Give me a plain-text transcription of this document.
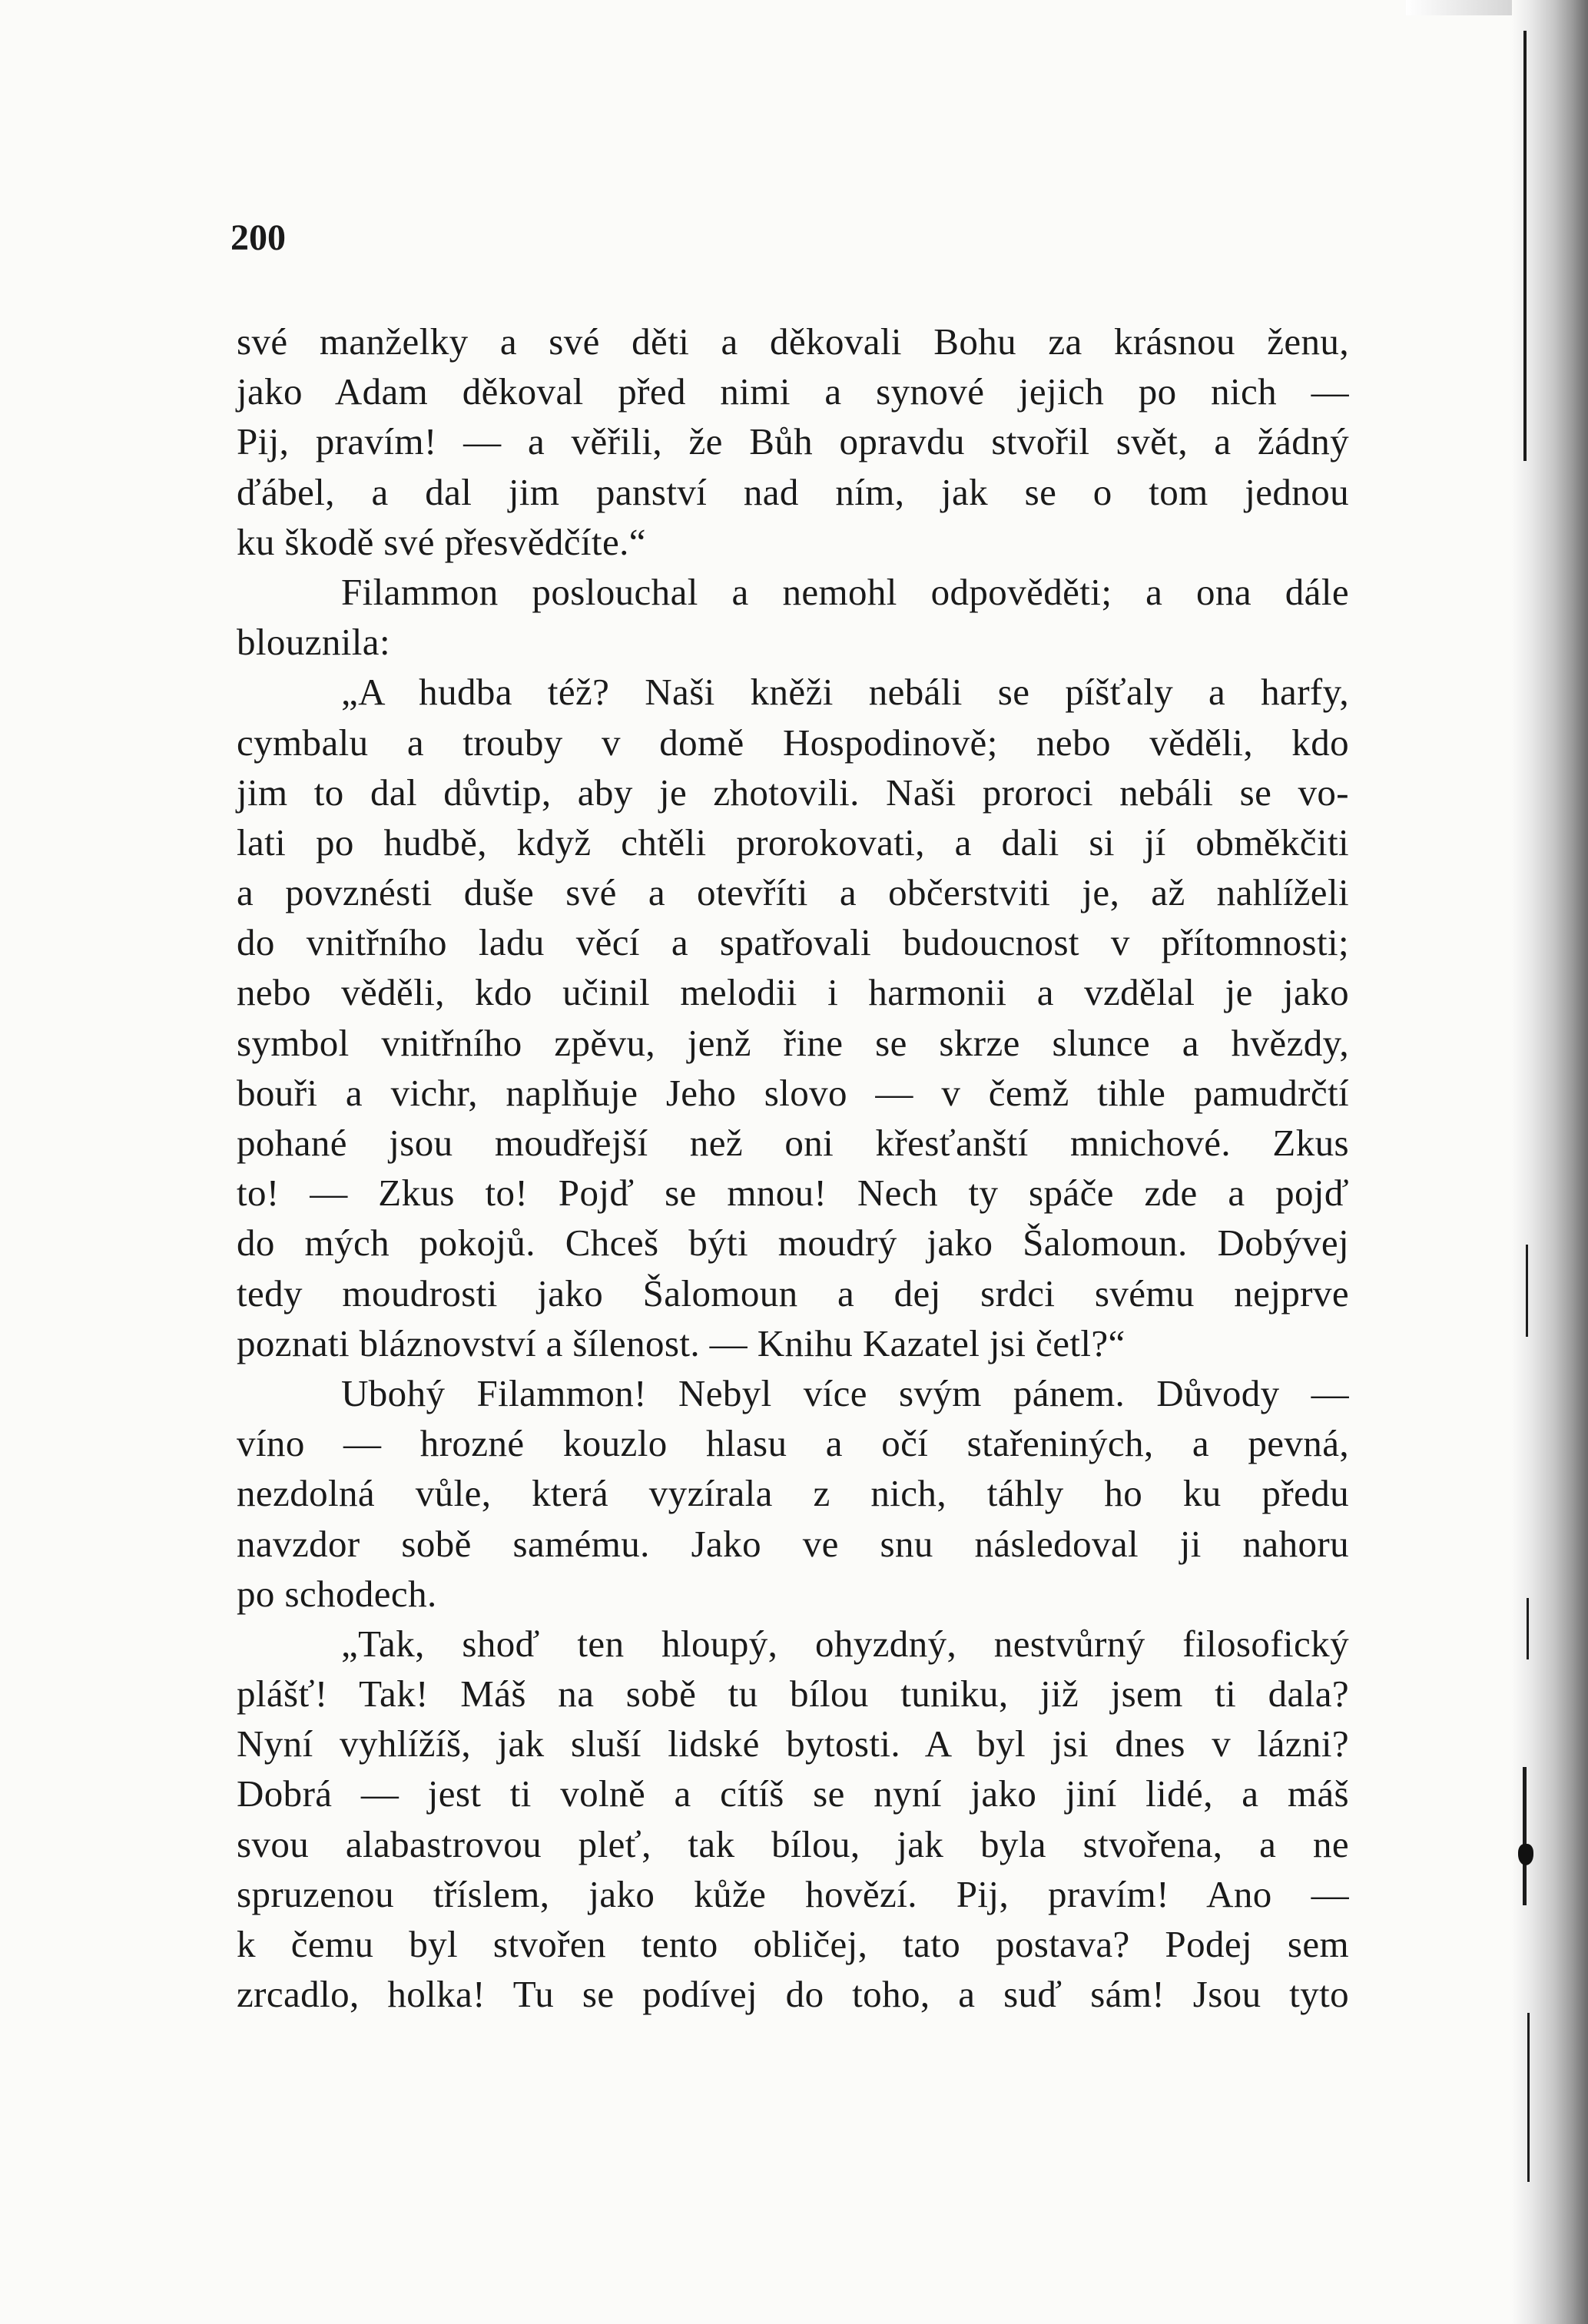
200

své manželky a své děti a děkovali Bohu za krásnou ženu,
jako Adam děkoval před nimi a synové jejich po nich —
Pij, pravím! — a věřili, že Bůh opravdu stvořil svět, a žádný
ďábel, a dal jim panství nad ním, jak se o tom jednou
ku škodě své přesvědčíte.“
Filammon poslouchal a nemohl odpověděti; a ona dále
blouznila:
„A hudba též? Naši kněži nebáli se píšťaly a harfy,
cymbalu a trouby v domě Hospodinově; nebo věděli, kdo
jim to dal důvtip, aby je zhotovili. Naši proroci nebáli se vo-
lati po hudbě, když chtěli prorokovati, a dali si jí obměkčiti
a povznésti duše své a otevříti a občerstviti je, až nahlíželi
do vnitřního ladu věcí a spatřovali budoucnost v přítomnosti;
nebo věděli, kdo učinil melodii i harmonii a vzdělal je jako
symbol vnitřního zpěvu, jenž řine se skrze slunce a hvězdy,
bouři a vichr, naplňuje Jeho slovo — v čemž tihle pamudrčtí
pohané jsou moudřejší než oni křesťanští mnichové. Zkus
to! — Zkus to! Pojď se mnou! Nech ty spáče zde a pojď
do mých pokojů. Chceš býti moudrý jako Šalomoun. Dobývej
tedy moudrosti jako Šalomoun a dej srdci svému nejprve
poznati bláznovství a šílenost. — Knihu Kazatel jsi četl?“
Ubohý Filammon! Nebyl více svým pánem. Důvody —
víno — hrozné kouzlo hlasu a očí stařeniných, a pevná,
nezdolná vůle, která vyzírala z nich, táhly ho ku předu
navzdor sobě samému. Jako ve snu následoval ji nahoru
po schodech.
„Tak, shoď ten hloupý, ohyzdný, nestvůrný filosofický
plášť! Tak! Máš na sobě tu bílou tuniku, již jsem ti dala?
Nyní vyhlížíš, jak sluší lidské bytosti. A byl jsi dnes v lázni?
Dobrá — jest ti volně a cítíš se nyní jako jiní lidé, a máš
svou alabastrovou pleť, tak bílou, jak byla stvořena, a ne
spruzenou tříslem, jako kůže hovězí. Pij, pravím! Ano —
k čemu byl stvořen tento obličej, tato postava? Podej sem
zrcadlo, holka! Tu se podívej do toho, a suď sám! Jsou tyto
